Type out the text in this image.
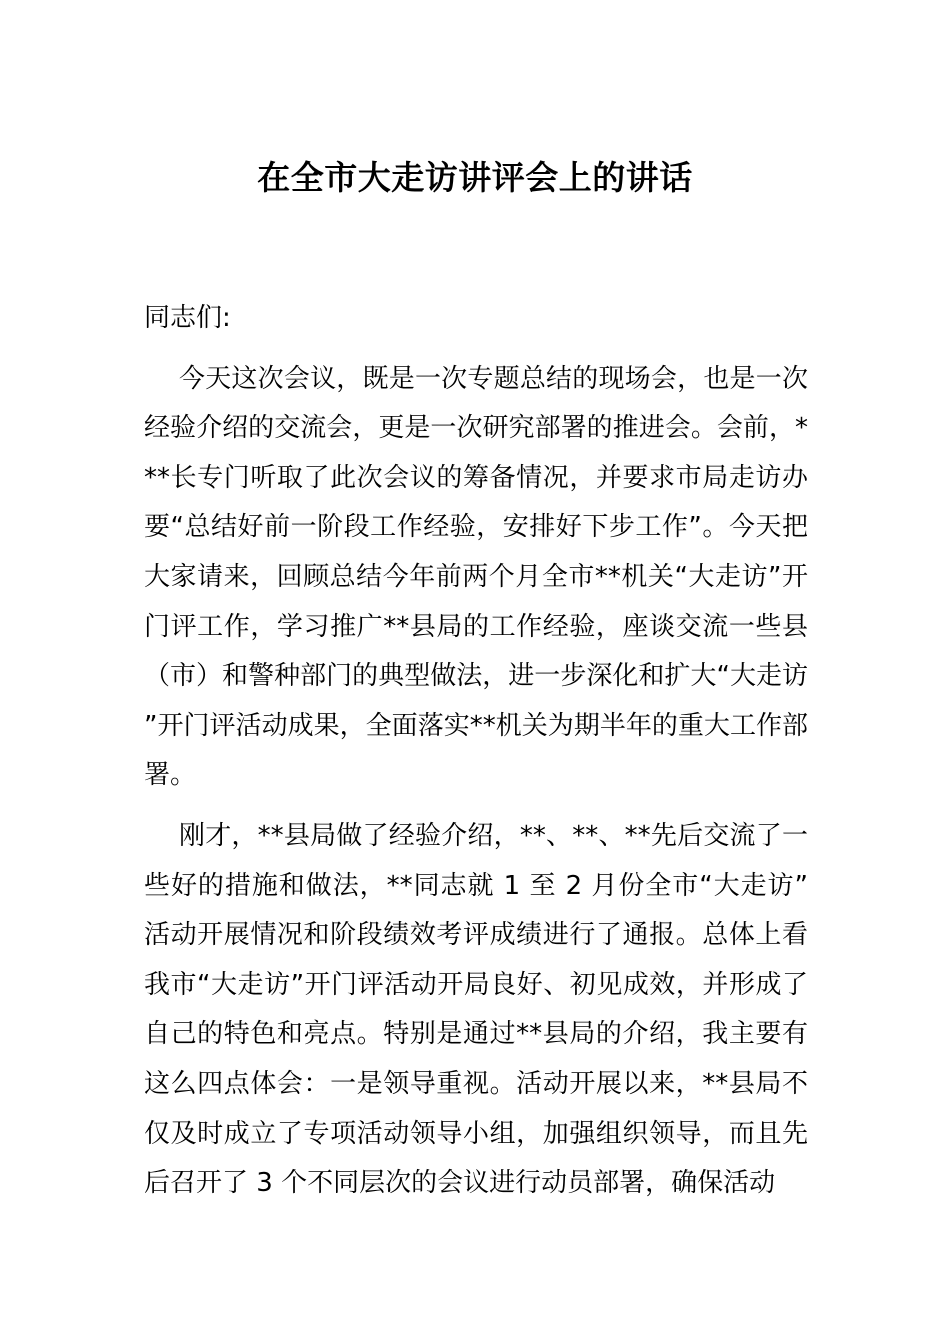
在全市大走访讲评会上的讲话
同志们:

今天这次会议，既是一次专题总结的现场会，也是一次经验介绍的交流会，更是一次研究部署的推进会。会前，***长专门听取了此次会议的筹备情况，并要求市局走访办要“总结好前一阶段工作经验，安排好下步工作”。今天把大家请来，回顾总结今年前两个月全市**机关“大走访”开门评工作，学习推广**县局的工作经验，座谈交流一些县（市）和警种部门的典型做法，进一步深化和扩大“大走访”开门评活动成果，全面落实**机关为期半年的重大工作部署。

刚才，**县局做了经验介绍，**、**、**先后交流了一些好的措施和做法，**同志就 1 至 2 月份全市“大走访”活动开展情况和阶段绩效考评成绩进行了通报。总体上看我市“大走访”开门评活动开局良好、初见成效，并形成了自己的特色和亮点。特别是通过**县局的介绍，我主要有这么四点体会：一是领导重视。活动开展以来，**县局不仅及时成立了专项活动领导小组，加强组织领导，而且先后召开了 3 个不同层次的会议进行动员部署，确保活动
